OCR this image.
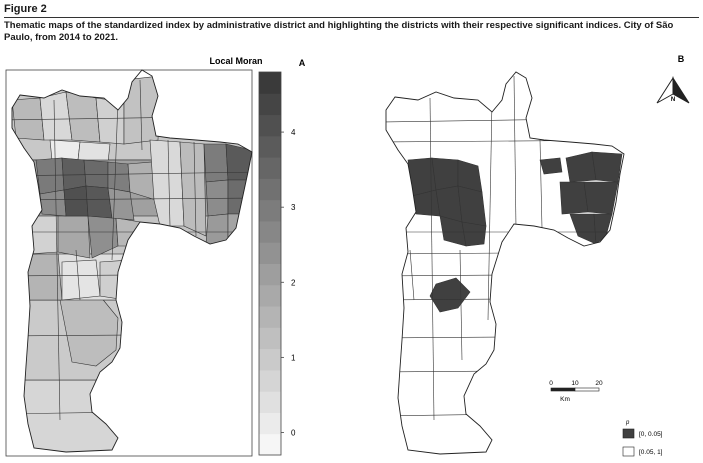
Figure 2
Thematic maps of the standardized index by administrative district and highlighting the districts with their respective significant indices. City of São Paulo, from 2014 to 2021.
Local Moran	A
0
1
2
3
4
B
N
0	10	20
Km
p
[0, 0.05]
[0.05, 1]
